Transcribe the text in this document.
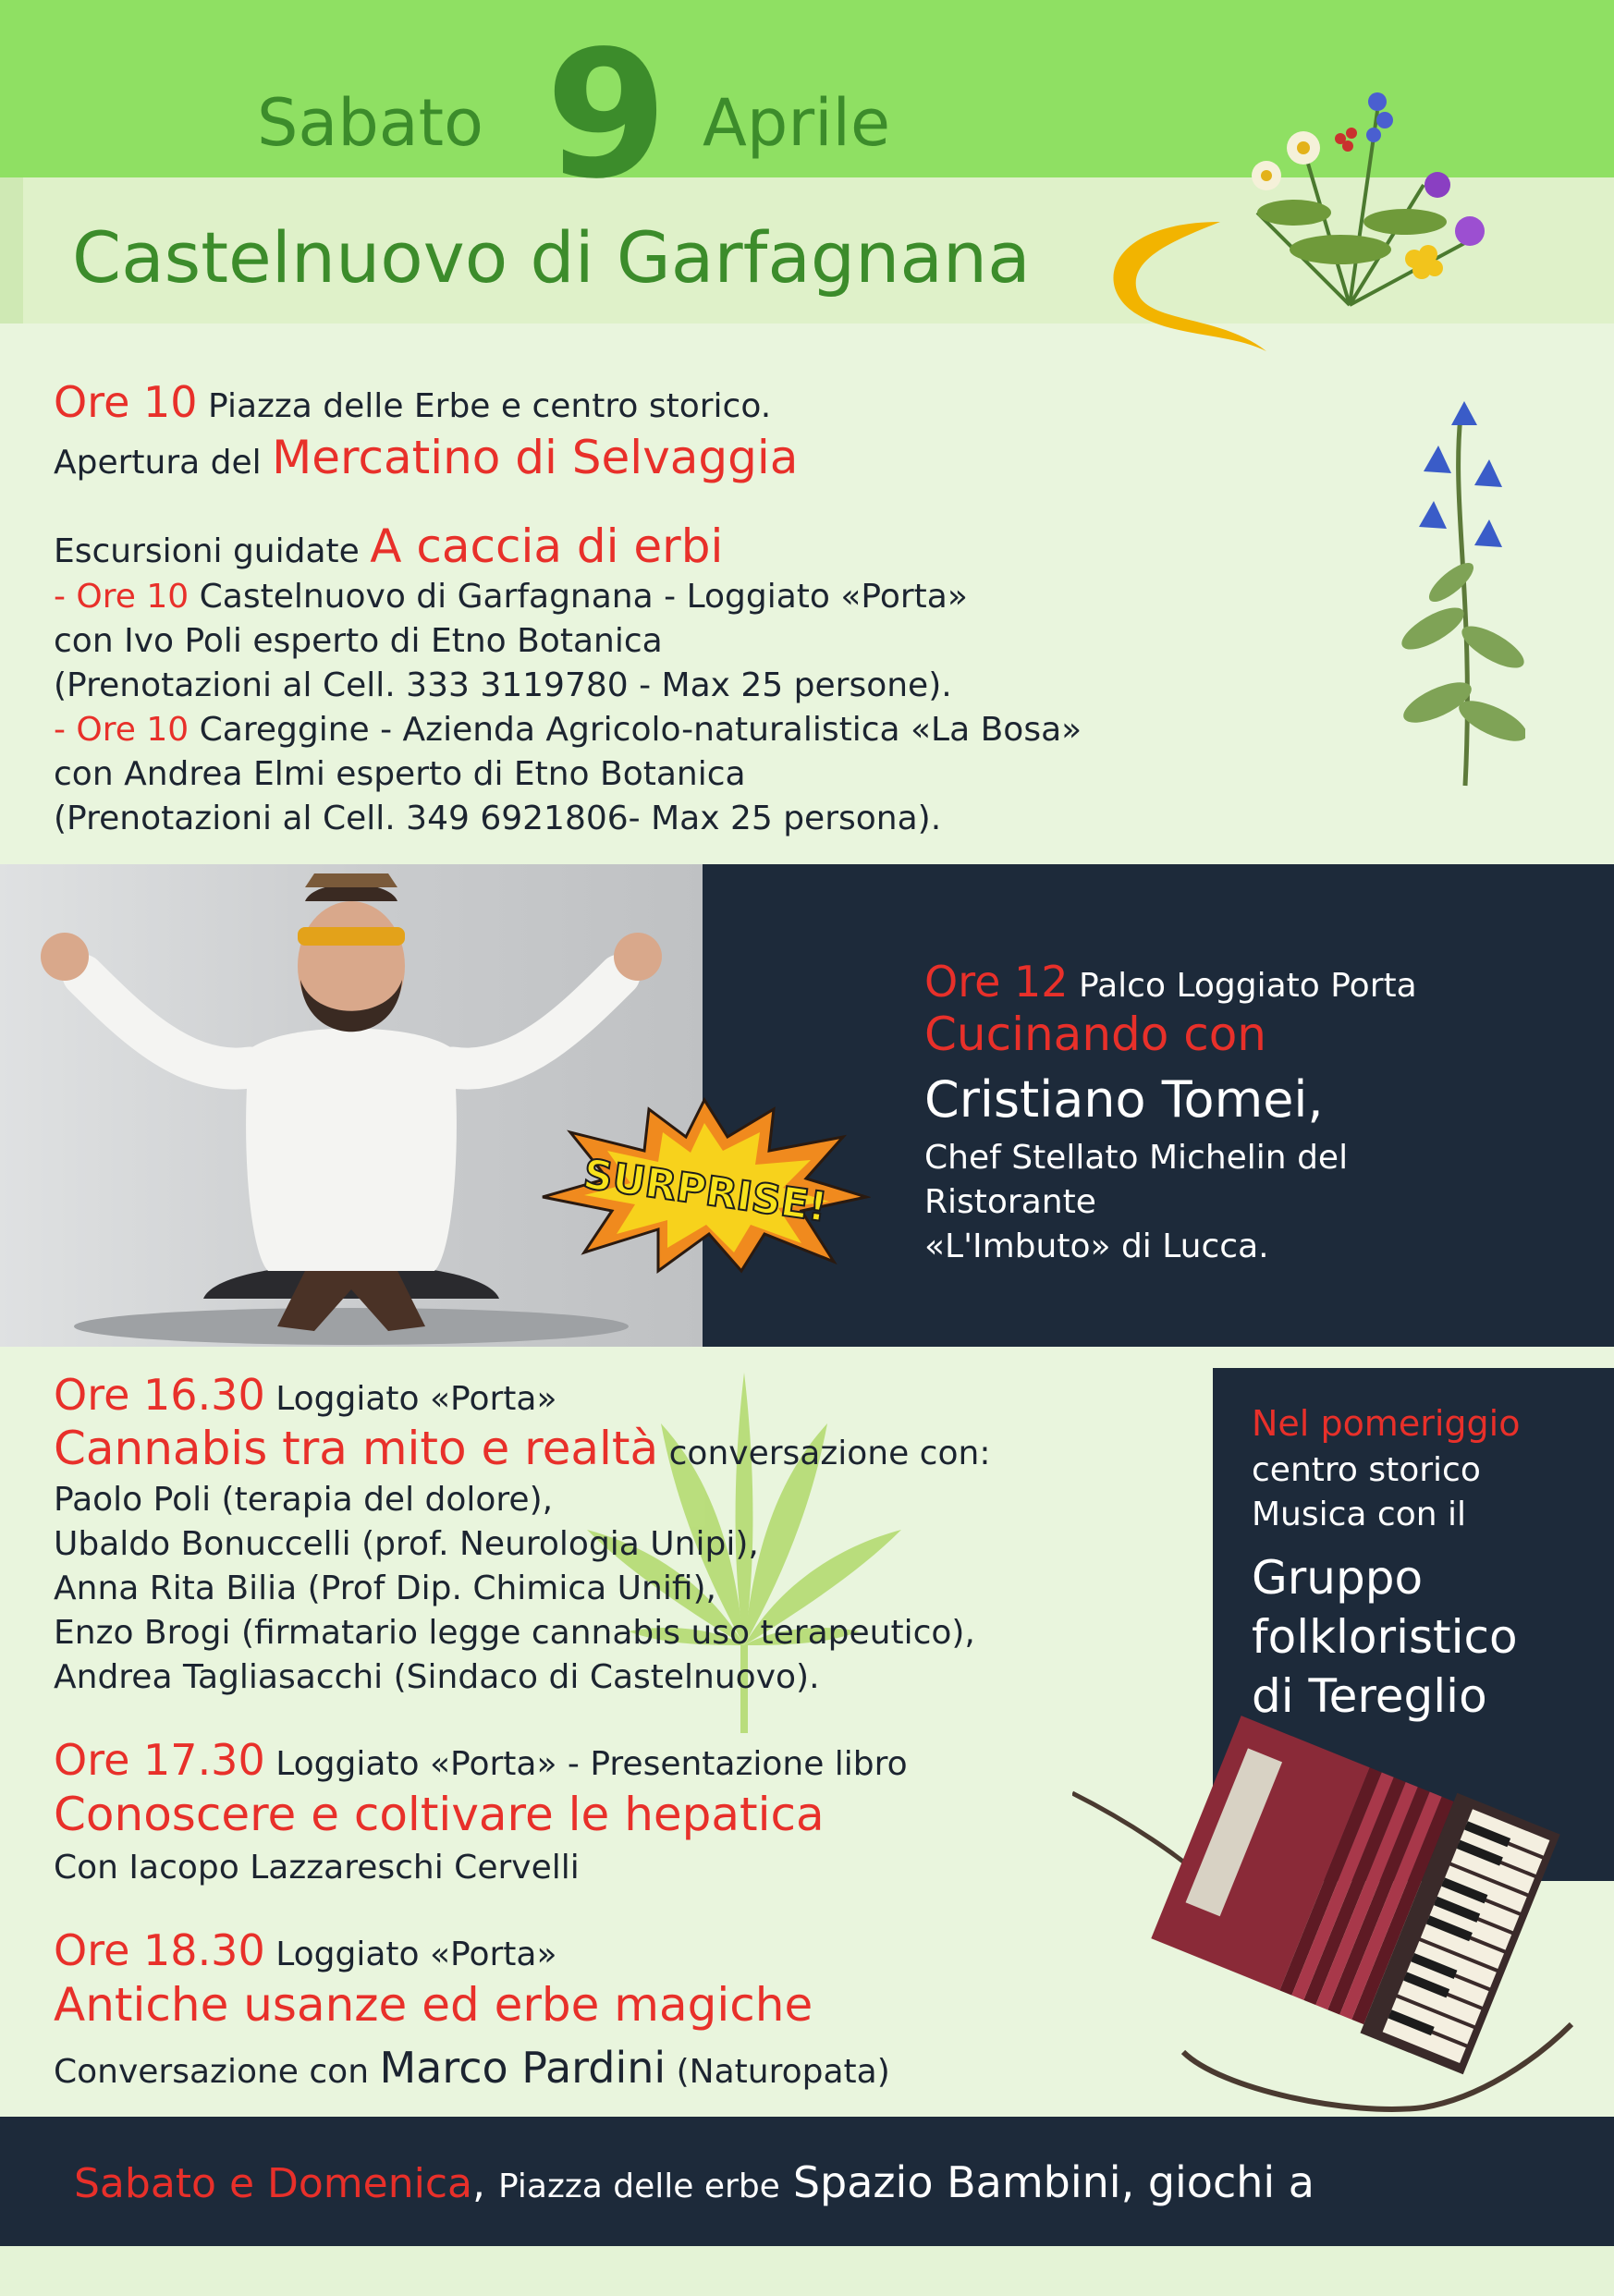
Sabato 9 Aprile
Castelnuovo di Garfagnana
Ore 10 Piazza delle Erbe e centro storico.
Apertura del Mercatino di Selvaggia
Escursioni guidate A caccia di erbi
- Ore 10 Castelnuovo di Garfagnana - Loggiato «Porta»
con Ivo Poli esperto di Etno Botanica
(Prenotazioni al Cell. 333 3119780 - Max 25 persone).
- Ore 10 Careggine - Azienda Agricolo-naturalistica «La Bosa»
con Andrea Elmi esperto di Etno Botanica
(Prenotazioni al Cell. 349 6921806- Max 25 persona).
SURPRISE!
Ore 12 Palco Loggiato Porta
Cucinando con
Cristiano Tomei,
Chef Stellato Michelin del
Ristorante
«L'Imbuto» di Lucca.
Ore 16.30 Loggiato «Porta»
Cannabis tra mito e realtà conversazione con:
Paolo Poli (terapia del dolore),
Ubaldo Bonuccelli (prof. Neurologia Unipi),
Anna Rita Bilia (Prof Dip. Chimica Unifi),
Enzo Brogi (firmatario legge cannabis uso terapeutico),
Andrea Tagliasacchi (Sindaco di Castelnuovo).
Ore 17.30 Loggiato «Porta» - Presentazione libro
Conoscere e coltivare le hepatica
Con Iacopo Lazzareschi Cervelli
Ore 18.30 Loggiato «Porta»
Antiche usanze ed erbe magiche
Conversazione con Marco Pardini (Naturopata)
Nel pomeriggio
centro storico
Musica con il
Gruppo
folkloristico
di Tereglio
Sabato e Domenica, Piazza delle erbe Spazio Bambini, giochi a
